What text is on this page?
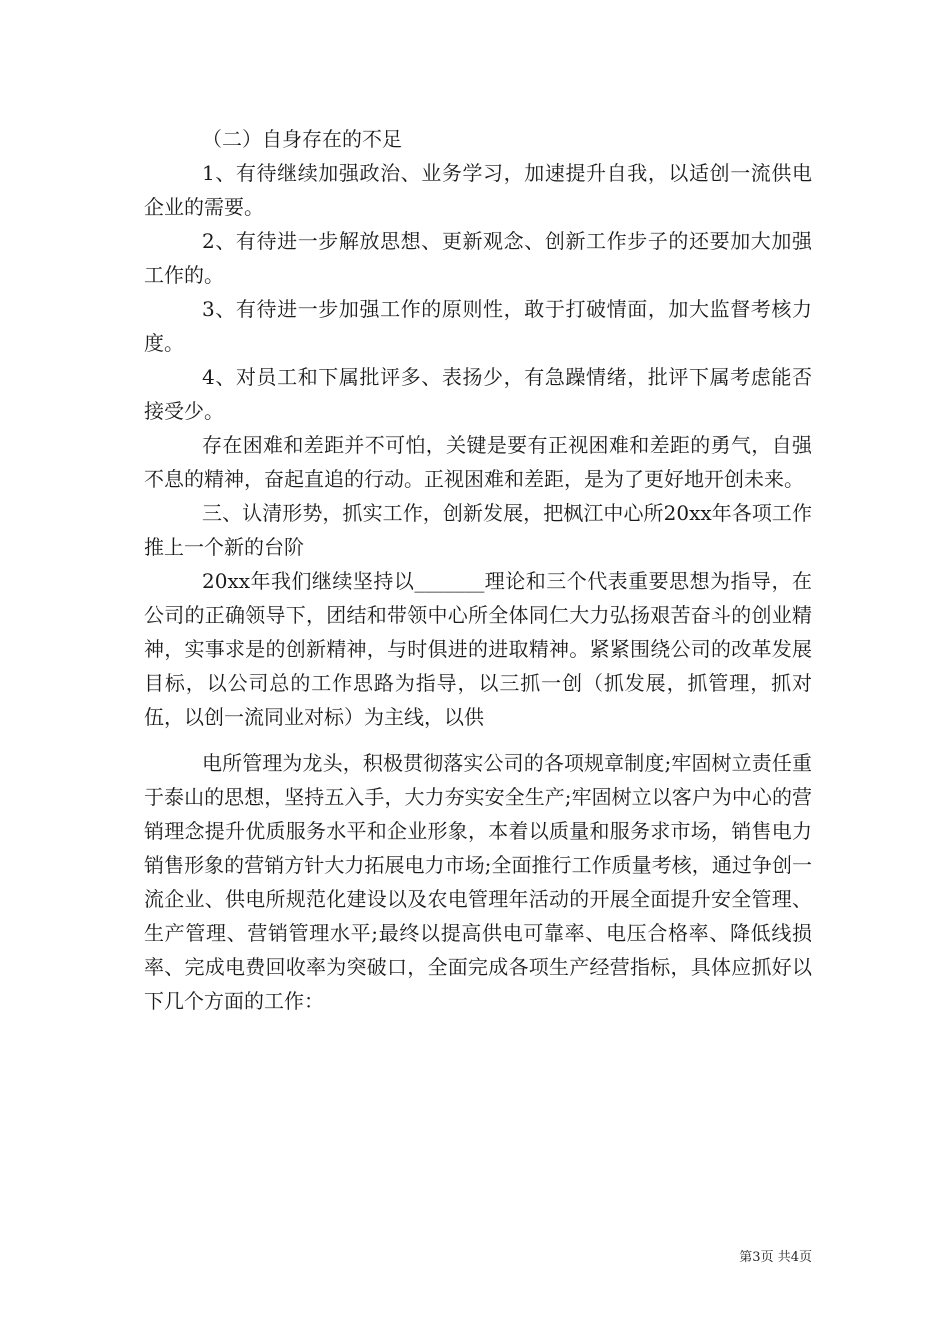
（二）自身存在的不足

1、有待继续加强政治、业务学习，加速提升自我，以适创一流供电企业的需要。

2、有待进一步解放思想、更新观念、创新工作步子的还要加大加强工作的。

3、有待进一步加强工作的原则性，敢于打破情面，加大监督考核力度。

4、对员工和下属批评多、表扬少，有急躁情绪，批评下属考虑能否接受少。

存在困难和差距并不可怕，关键是要有正视困难和差距的勇气，自强不息的精神，奋起直追的行动。正视困难和差距，是为了更好地开创未来。

三、认清形势，抓实工作，创新发展，把枫江中心所20xx年各项工作推上一个新的台阶

20xx年我们继续坚持以_______理论和三个代表重要思想为指导，在公司的正确领导下，团结和带领中心所全体同仁大力弘扬艰苦奋斗的创业精神，实事求是的创新精神，与时俱进的进取精神。紧紧围绕公司的改革发展目标，以公司总的工作思路为指导，以三抓一创（抓发展，抓管理，抓对伍，以创一流同业对标）为主线，以供

电所管理为龙头，积极贯彻落实公司的各项规章制度;牢固树立责任重于泰山的思想，坚持五入手，大力夯实安全生产;牢固树立以客户为中心的营销理念提升优质服务水平和企业形象，本着以质量和服务求市场，销售电力销售形象的营销方针大力拓展电力市场;全面推行工作质量考核，通过争创一流企业、供电所规范化建设以及农电管理年活动的开展全面提升安全管理、生产管理、营销管理水平;最终以提高供电可靠率、电压合格率、降低线损率、完成电费回收率为突破口，全面完成各项生产经营指标，具体应抓好以下几个方面的工作：

第3页 共4页
